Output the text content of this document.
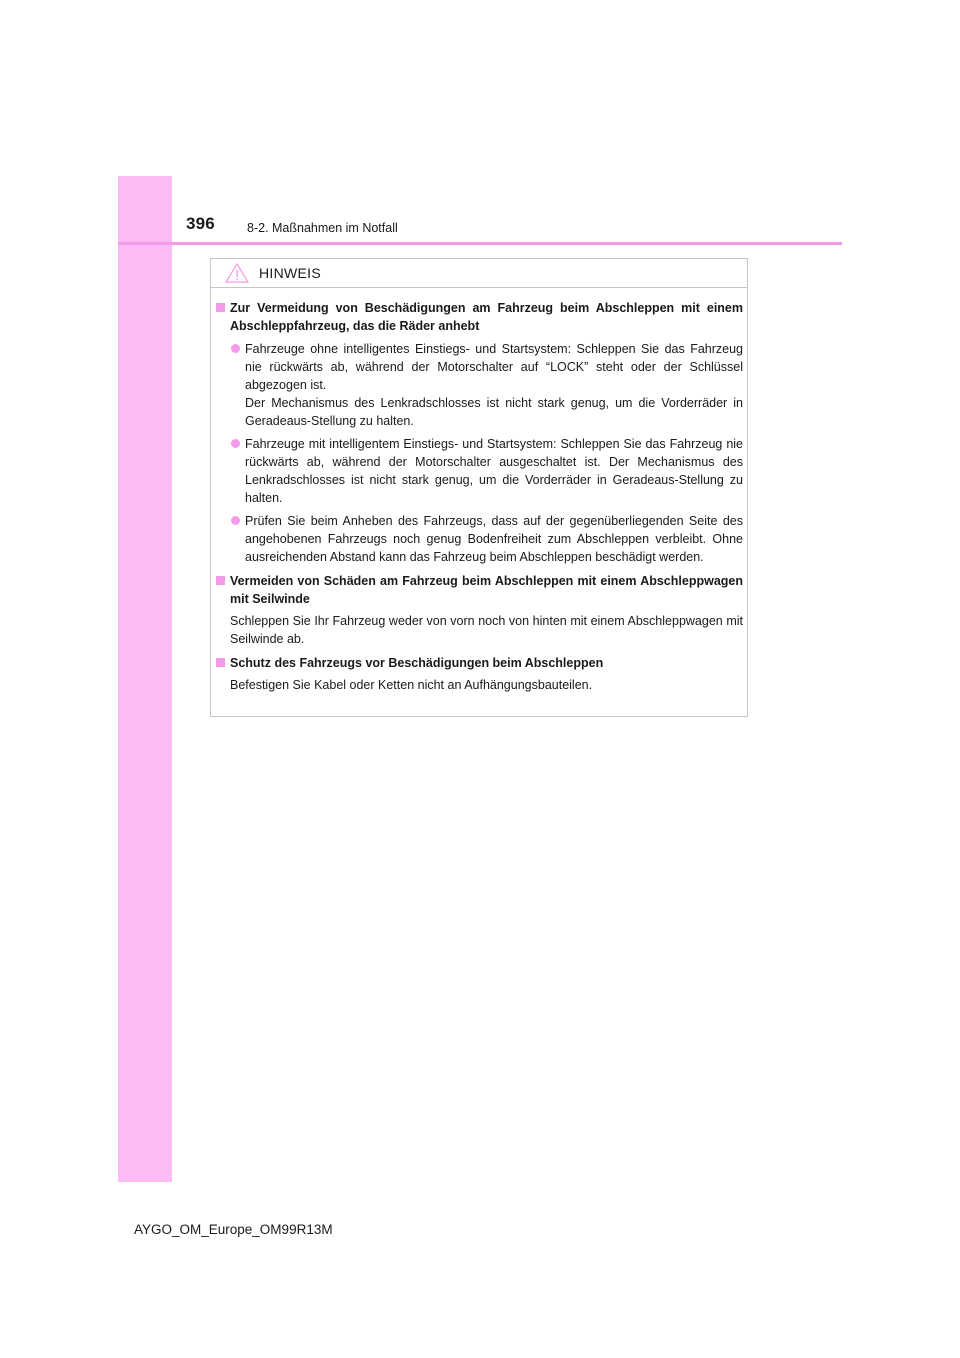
396	8-2. Maßnahmen im Notfall
HINWEIS
Zur Vermeidung von Beschädigungen am Fahrzeug beim Abschleppen mit einem Abschleppfahrzeug, das die Räder anhebt
Fahrzeuge ohne intelligentes Einstiegs- und Startsystem: Schleppen Sie das Fahrzeug nie rückwärts ab, während der Motorschalter auf “LOCK” steht oder der Schlüssel abgezogen ist.
Der Mechanismus des Lenkradschlosses ist nicht stark genug, um die Vorderräder in Geradeaus-Stellung zu halten.
Fahrzeuge mit intelligentem Einstiegs- und Startsystem: Schleppen Sie das Fahrzeug nie rückwärts ab, während der Motorschalter ausgeschaltet ist. Der Mechanismus des Lenkradschlosses ist nicht stark genug, um die Vorderräder in Geradeaus-Stellung zu halten.
Prüfen Sie beim Anheben des Fahrzeugs, dass auf der gegenüberliegenden Seite des angehobenen Fahrzeugs noch genug Bodenfreiheit zum Abschleppen verbleibt. Ohne ausreichenden Abstand kann das Fahrzeug beim Abschleppen beschädigt werden.
Vermeiden von Schäden am Fahrzeug beim Abschleppen mit einem Abschleppwagen mit Seilwinde
Schleppen Sie Ihr Fahrzeug weder von vorn noch von hinten mit einem Abschleppwagen mit Seilwinde ab.
Schutz des Fahrzeugs vor Beschädigungen beim Abschleppen
Befestigen Sie Kabel oder Ketten nicht an Aufhängungsbauteilen.
AYGO_OM_Europe_OM99R13M
